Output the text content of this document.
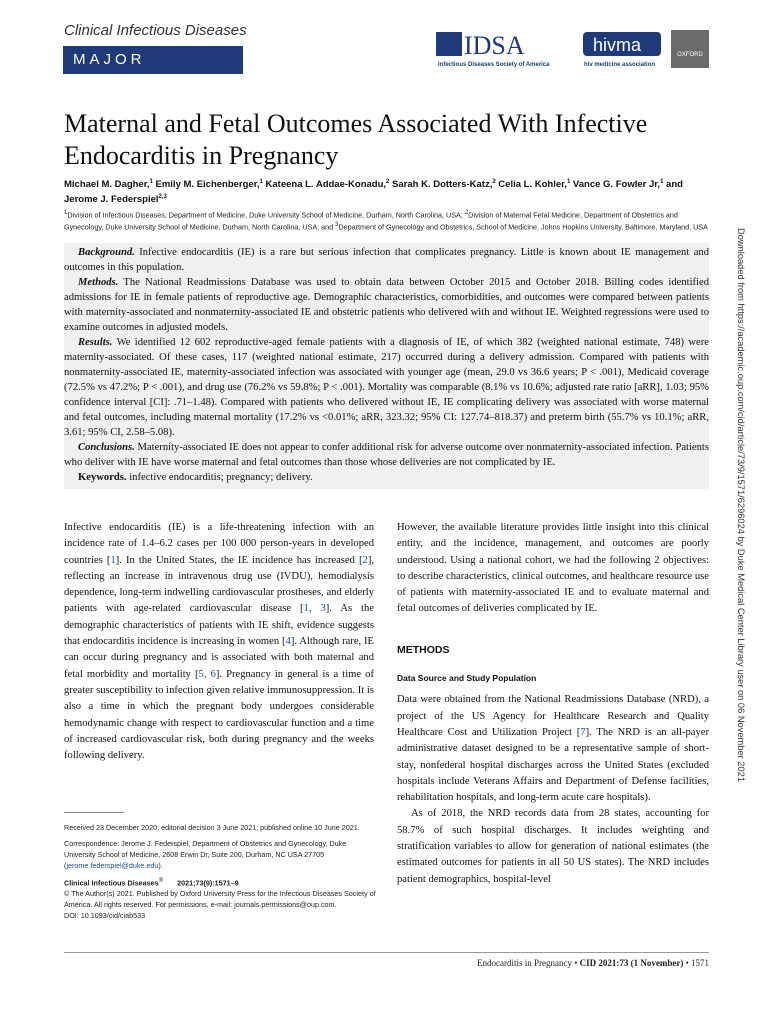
Clinical Infectious Diseases
MAJOR ARTICLE
IDSA
Infectious Diseases Society of America
hivma
hiv medicine association
OXFORD
Maternal and Fetal Outcomes Associated With Infective Endocarditis in Pregnancy
Michael M. Dagher,$^1$ Emily M. Eichenberger,$^1$ Kateena L. Addae-Konadu,$^2$ Sarah K. Dotters-Katz,$^2$ Celia L. Kohler,$^1$ Vance G. Fowler Jr,$^1$ and Jerome J. Federspiel$^{2,3}$
$^1$Division of Infectious Diseases, Department of Medicine, Duke University School of Medicine, Durham, North Carolina, USA; $^2$Division of Maternal Fetal Medicine, Department of Obstetrics and Gynecology, Duke University School of Medicine, Durham, North Carolina, USA; and $^3$Department of Gynecology and Obstetrics, School of Medicine, Johns Hopkins University, Baltimore, Maryland, USA

Background. Infective endocarditis (IE) is a rare but serious infection that complicates pregnancy. Little is known about IE management and outcomes in this population.

Methods. The National Readmissions Database was used to obtain data between October 2015 and October 2018. Billing codes identified admissions for IE in female patients of reproductive age. Demographic characteristics, comorbidities, and outcomes were compared between patients with maternity-associated and nonmaternity-associated IE and obstetric patients who delivered with and without IE. Weighted regressions were used to examine outcomes in adjusted models.

Results. We identified 12 602 reproductive-aged female patients with a diagnosis of IE, of which 382 (weighted national estimate, 748) were maternity-associated. Of these cases, 117 (weighted national estimate, 217) occurred during a delivery admission. Compared with patients with nonmaternity-associated IE, maternity-associated infection was associated with younger age (mean, 29.0 vs 36.6 years; P < .001), Medicaid coverage (72.5% vs 47.2%; P < .001), and drug use (76.2% vs 59.8%; P < .001). Mortality was comparable (8.1% vs 10.6%; adjusted rate ratio [aRR], 1.03; 95% confidence interval [CI]: .71–1.48). Compared with patients who delivered without IE, IE complicating delivery was associated with worse maternal and fetal outcomes, including maternal mortality (17.2% vs <0.01%; aRR, 323.32; 95% CI: 127.74–818.37) and preterm birth (55.7% vs 10.1%; aRR, 3.61; 95% CI, 2.58–5.08).

Conclusions. Maternity-associated IE does not appear to confer additional risk for adverse outcome over nonmaternity-associated infection. Patients who deliver with IE have worse maternal and fetal outcomes than those whose deliveries are not complicated by IE.

Keywords. infective endocarditis; pregnancy; delivery.

Infective endocarditis (IE) is a life-threatening infection with an incidence rate of 1.4–6.2 cases per 100 000 person-years in developed countries [1]. In the United States, the IE incidence has increased [2], reflecting an increase in intravenous drug use (IVDU), hemodialysis dependence, long-term indwelling cardiovascular prostheses, and elderly patients with age-related cardiovascular disease [1, 3]. As the demographic characteristics of patients with IE shift, evidence suggests that endocarditis incidence is increasing in women [4]. Although rare, IE can occur during pregnancy and is associated with both maternal and fetal morbidity and mortality [5, 6]. Pregnancy in general is a time of greater susceptibility to infection given relative immunosuppression. It is also a time in which the pregnant body undergoes considerable hemodynamic change with respect to cardiovascular function and a time of increased cardiovascular risk, both during pregnancy and the weeks following delivery.

However, the available literature provides little insight into this clinical entity, and the incidence, management, and outcomes are poorly understood. Using a national cohort, we had the following 2 objectives: to describe characteristics, clinical outcomes, and healthcare resource use of patients with maternity-associated IE and to evaluate maternal and fetal outcomes of deliveries complicated by IE.

METHODS
Data Source and Study Population

Data were obtained from the National Readmissions Database (NRD), a project of the US Agency for Healthcare Research and Quality Healthcare Cost and Utilization Project [7]. The NRD is an all-payer administrative dataset designed to be a representative sample of short-stay, nonfederal hospital discharges across the United States (excluded hospitals include Veterans Affairs and Department of Defense facilities, rehabilitation hospitals, and long-term acute care hospitals).

As of 2018, the NRD records data from 28 states, accounting for 58.7% of such hospital discharges. It includes weighting and stratification variables to allow for generation of national estimates (the estimated outcomes for patients in all 50 US states). The NRD includes patient demographics, hospital-level

Received 23 December 2020; editorial decision 3 June 2021; published online 10 June 2021.

Correspondence: Jerome J. Federspiel, Department of Obstetrics and Gynecology, Duke University School of Medicine, 2608 Erwin Dr, Suite 200, Durham, NC USA 27705 (jerome.federspiel@duke.edu).

Clinical Infectious Diseases® 2021;73(9):1571–9

© The Author(s) 2021. Published by Oxford University Press for the Infectious Diseases Society of America. All rights reserved. For permissions, e-mail: journals.permissions@oup.com.

DOI: 10.1093/cid/ciab533

Endocarditis in Pregnancy • CID 2021:73 (1 November) • 1571
Downloaded from https://academic.oup.com/cid/article/73/9/1571/6296024 by Duke Medical Center Library user on 06 November 2021
